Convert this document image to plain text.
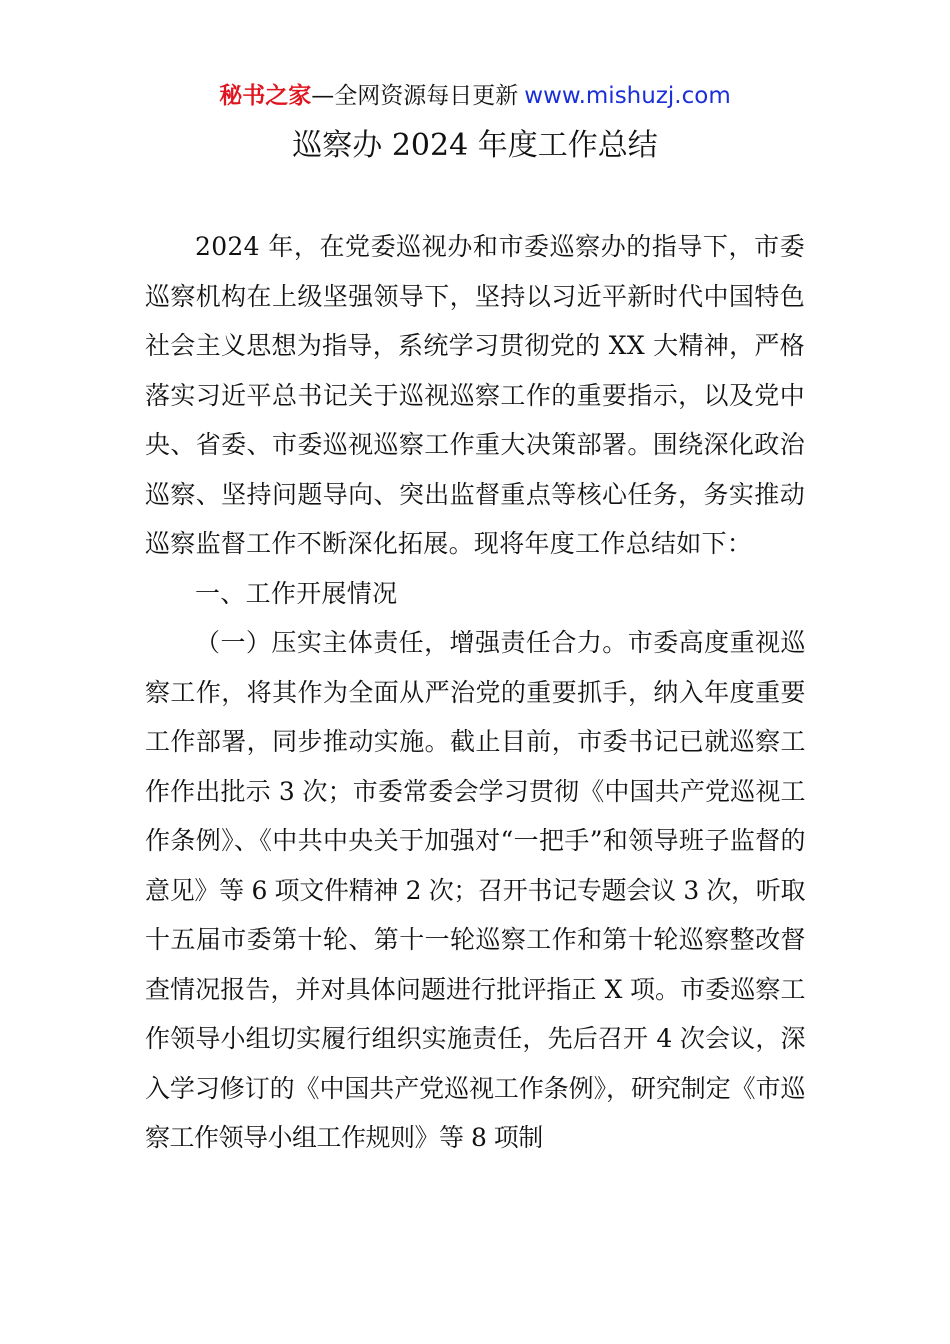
秘书之家—全网资源每日更新 www.mishuzj.com
巡察办 2024 年度工作总结

2024 年，在党委巡视办和市委巡察办的指导下，市委巡察机构在上级坚强领导下，坚持以习近平新时代中国特色社会主义思想为指导，系统学习贯彻党的 XX 大精神，严格落实习近平总书记关于巡视巡察工作的重要指示，以及党中央、省委、市委巡视巡察工作重大决策部署。围绕深化政治巡察、坚持问题导向、突出监督重点等核心任务，务实推动巡察监督工作不断深化拓展。现将年度工作总结如下：

一、工作开展情况

（一）压实主体责任，增强责任合力。市委高度重视巡察工作，将其作为全面从严治党的重要抓手，纳入年度重要工作部署，同步推动实施。截止目前，市委书记已就巡察工作作出批示 3 次；市委常委会学习贯彻《中国共产党巡视工作条例》、《中共中央关于加强对“一把手”和领导班子监督的意见》等 6 项文件精神 2 次；召开书记专题会议 3 次，听取十五届市委第十轮、第十一轮巡察工作和第十轮巡察整改督查情况报告，并对具体问题进行批评指正 X 项。市委巡察工作领导小组切实履行组织实施责任，先后召开 4 次会议，深入学习修订的《中国共产党巡视工作条例》，研究制定《市巡察工作领导小组工作规则》等 8 项制
